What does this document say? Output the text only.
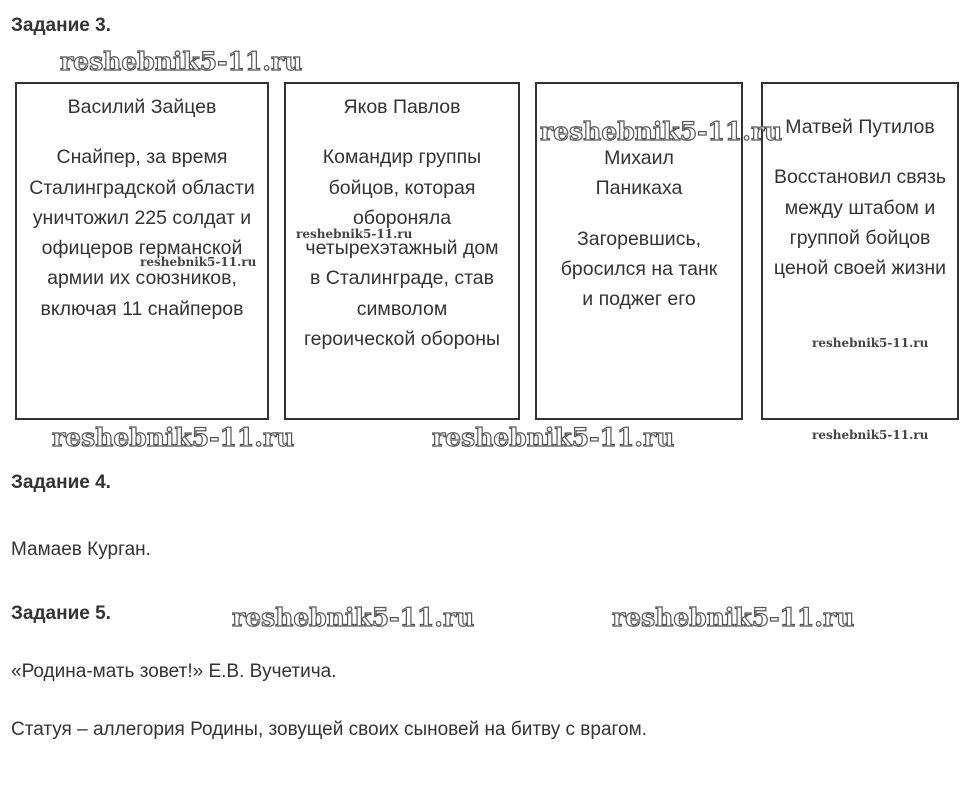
Задание 3.
Василий Зайцев
Снайпер, за время Сталинградской области уничтожил 225 солдат и офицеров германской армии их союзников, включая 11 снайперов
Яков Павлов
Командир группы бойцов, которая обороняла четырехэтажный дом в Сталинграде, став символом героической обороны
Михаил Паникаха
Загоревшись, бросился на танк и поджег его
Матвей Путилов
Восстановил связь между штабом и группой бойцов ценой своей жизни
Задание 4.

Мамаев Курган.

Задание 5.

«Родина-мать зовет!» Е.В. Вучетича.

Статуя – аллегория Родины, зовущей своих сыновей на битву с врагом.

reshebnik5-11.ru
reshebnik5-11.ru
reshebnik5-11.ru
reshebnik5-11.ru
reshebnik5-11.ru
reshebnik5-11.ru	reshebnik5-11.ru	reshebnik5-11.ru
reshebnik5-11.ru	reshebnik5-11.ru
